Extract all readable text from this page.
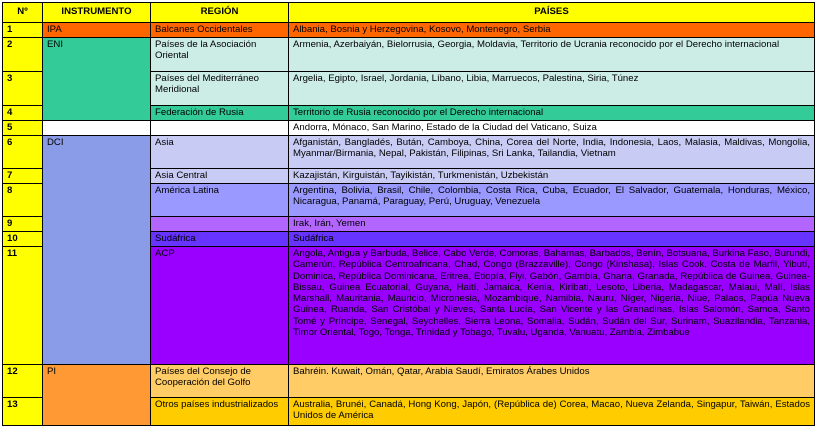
Nº	INSTRUMENTO	REGIÓN	PAÍSES
1	IPA	Balcanes Occidentales	Albania, Bosnia y Herzegovina, Kosovo, Montenegro, Serbia
2	ENI	Países de la Asociación Oriental	Armenia, Azerbaiyán, Bielorrusia, Georgia, Moldavia, Territorio de Ucrania reconocido por el Derecho internacional
3		Países del Mediterráneo Meridional	Argelia, Egipto, Israel, Jordania, Líbano, Libia, Marruecos, Palestina, Siria, Túnez
4		Federación de Rusia	Territorio de Rusia reconocido por el Derecho internacional
5			Andorra, Mónaco, San Marino, Estado de la Ciudad del Vaticano, Suiza
6	DCI	Asia	Afganistán, Bangladés, Bután, Camboya, China, Corea del Norte, India, Indonesia, Laos, Malasia, Maldivas, Mongolia, Myanmar/Birmania, Nepal, Pakistán, Filipinas, Sri Lanka, Tailandia, Vietnam
7		Asia Central	Kazajistán, Kirguistán, Tayikistán, Turkmenistán, Uzbekistán
8		América Latina	Argentina, Bolivia, Brasil, Chile, Colombia, Costa Rica, Cuba, Ecuador, El Salvador, Guatemala, Honduras, México, Nicaragua, Panamá, Paraguay, Perú, Uruguay, Venezuela
9			Irak, Irán, Yemen
10		Sudáfrica	Sudáfrica
11		ACP	Angola, Antigua y Barbuda, Belice, Cabo Verde, Comoras, Bahamas, Barbados, Benín, Botsuana, Burkina Faso, Burundi, Camerún, República Centroafricana, Chad, Congo (Brazzaville), Congo (Kinshasa), Islas Cook, Costa de Marfil, Yibutí, Dominica, República Dominicana, Eritrea, Etiopía, Fiyi, Gabón, Gambia, Ghana, Granada, República de Guinea, Guinea-Bissau, Guinea Ecuatorial, Guyana, Haití, Jamaica, Kenia, Kiribati, Lesoto, Liberia, Madagascar, Malaui, Malí, Islas Marshall, Mauritania, Mauricio, Micronesia, Mozambique, Namibia, Nauru, Níger, Nigeria, Niue, Palaos, Papúa Nueva Guinea, Ruanda, San Cristóbal y Nieves, Santa Lucía, San Vicente y las Granadinas, Islas Salomón, Samoa, Santo Tomé y Príncipe, Senegal, Seychelles, Sierra Leona, Somalia, Sudán, Sudán del Sur, Surinam, Suazilandia, Tanzania, Timor Oriental, Togo, Tonga, Trinidad y Tobago, Tuvalu, Uganda, Vanuatu, Zambia, Zimbabue
12	PI	Países del Consejo de Cooperación del Golfo	Bahréin. Kuwait, Omán, Qatar, Arabia Saudí, Emiratos Árabes Unidos
13		Otros países industrializados	Australia, Brunéi, Canadá, Hong Kong, Japón, (República de) Corea, Macao, Nueva Zelanda, Singapur, Taiwán, Estados Unidos de América
